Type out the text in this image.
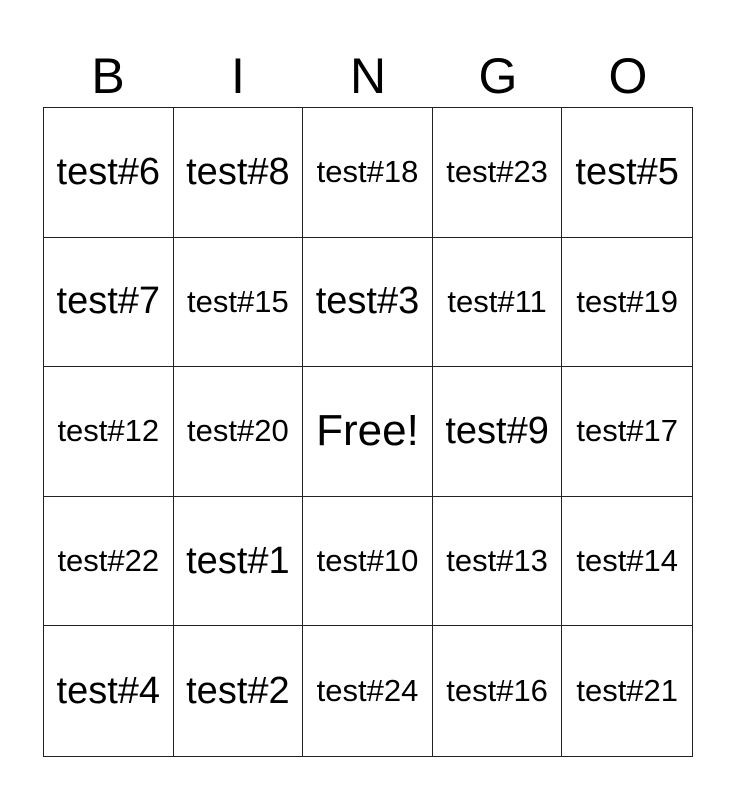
B	I	N	G	O
test#6 test#8 test#18 test#23 test#5
test#7 test#15 test#3 test#11 test#19
test#12 test#20 Free! test#9 test#17
test#22 test#1 test#10 test#13 test#14
test#4 test#2 test#24 test#16 test#21
